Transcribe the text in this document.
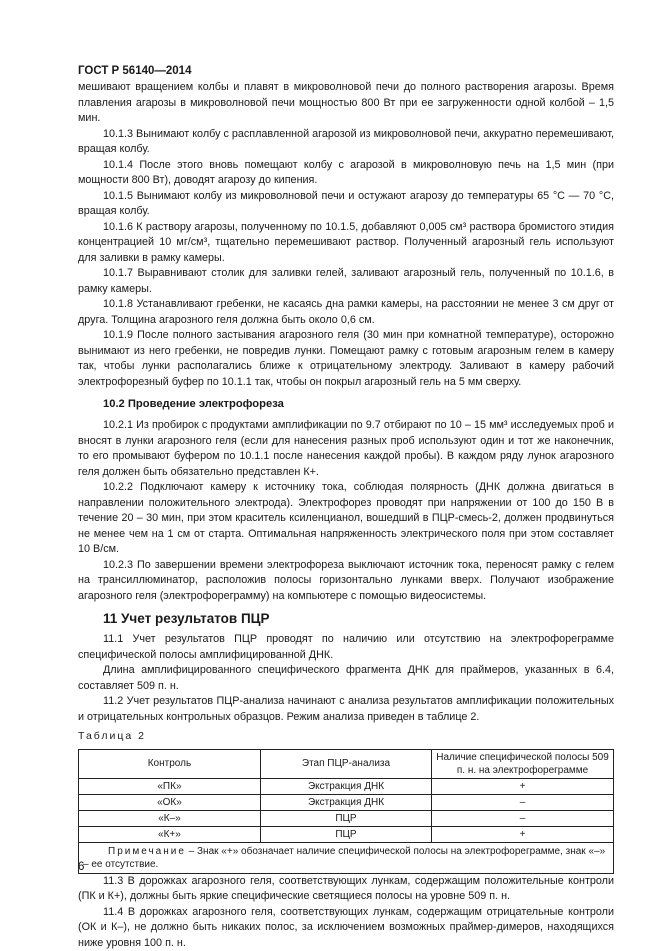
ГОСТ Р 56140—2014

мешивают вращением колбы и плавят в микроволновой печи до полного растворения агарозы. Время плавления агарозы в микроволновой печи мощностью 800 Вт при ее загруженности одной колбой – 1,5 мин.

10.1.3 Вынимают колбу с расплавленной агарозой из микроволновой печи, аккуратно перемешивают, вращая колбу.

10.1.4 После этого вновь помещают колбу с агарозой в микроволновую печь на 1,5 мин (при мощности 800 Вт), доводят агарозу до кипения.

10.1.5 Вынимают колбу из микроволновой печи и остужают агарозу до температуры 65 °С — 70 °С, вращая колбу.

10.1.6 К раствору агарозы, полученному по 10.1.5, добавляют 0,005 см³ раствора бромистого этидия концентрацией 10 мг/см³, тщательно перемешивают раствор. Полученный агарозный гель используют для заливки в рамку камеры.

10.1.7 Выравнивают столик для заливки гелей, заливают агарозный гель, полученный по 10.1.6, в рамку камеры.

10.1.8 Устанавливают гребенки, не касаясь дна рамки камеры, на расстоянии не менее 3 см друг от друга. Толщина агарозного геля должна быть около 0,6 см.

10.1.9 После полного застывания агарозного геля (30 мин при комнатной температуре), осторожно вынимают из него гребенки, не повредив лунки. Помещают рамку с готовым агарозным гелем в камеру так, чтобы лунки располагались ближе к отрицательному электроду. Заливают в камеру рабочий электрофорезный буфер по 10.1.1 так, чтобы он покрыл агарозный гель на 5 мм сверху.

10.2 Проведение электрофореза

10.2.1 Из пробирок с продуктами амплификации по 9.7 отбирают по 10 – 15 мм³ исследуемых проб и вносят в лунки агарозного геля (если для нанесения разных проб используют один и тот же наконечник, то его промывают буфером по 10.1.1 после нанесения каждой пробы). В каждом ряду лунок агарозного геля должен быть обязательно представлен К+.

10.2.2 Подключают камеру к источнику тока, соблюдая полярность (ДНК должна двигаться в направлении положительного электрода). Электрофорез проводят при напряжении от 100 до 150 В в течение 20 – 30 мин, при этом краситель ксиленцианол, вошедший в ПЦР-смесь-2, должен продвинуться не менее чем на 1 см от старта. Оптимальная напряженность электрического поля при этом составляет 10 В/см.

10.2.3 По завершении времени электрофореза выключают источник тока, переносят рамку с гелем на трансиллюминатор, расположив полосы горизонтально лунками вверх. Получают изображение агарозного геля (электрофореграмму) на компьютере с помощью видеосистемы.

11 Учет результатов ПЦР

11.1 Учет результатов ПЦР проводят по наличию или отсутствию на электрофореграмме специфической полосы амплифицированной ДНК.

Длина амплифицированного специфического фрагмента ДНК для праймеров, указанных в 6.4, составляет 509 п. н.

11.2 Учет результатов ПЦР-анализа начинают с анализа результатов амплификации положительных и отрицательных контрольных образцов. Режим анализа приведен в таблице 2.

Таблица 2
Контроль	Этап ПЦР-анализа	Наличие специфической полосы 509 п. н. на электрофореграмме
«ПК»	Экстракция ДНК	+
«ОК»	Экстракция ДНК	–
«К–»	ПЦР	–
«К+»	ПЦР	+
Примечание – Знак «+» обозначает наличие специфической полосы на электрофореграмме, знак «–» – ее отсутствие.		

11.3 В дорожках агарозного геля, соответствующих лункам, содержащим положительные контроли (ПК и К+), должны быть яркие специфические светящиеся полосы на уровне 509 п. н.

11.4 В дорожках агарозного геля, соответствующих лункам, содержащим отрицательные контроли (ОК и К–), не должно быть никаких полос, за исключением возможных праймер-димеров, находящихся ниже уровня 100 п. н.

6
